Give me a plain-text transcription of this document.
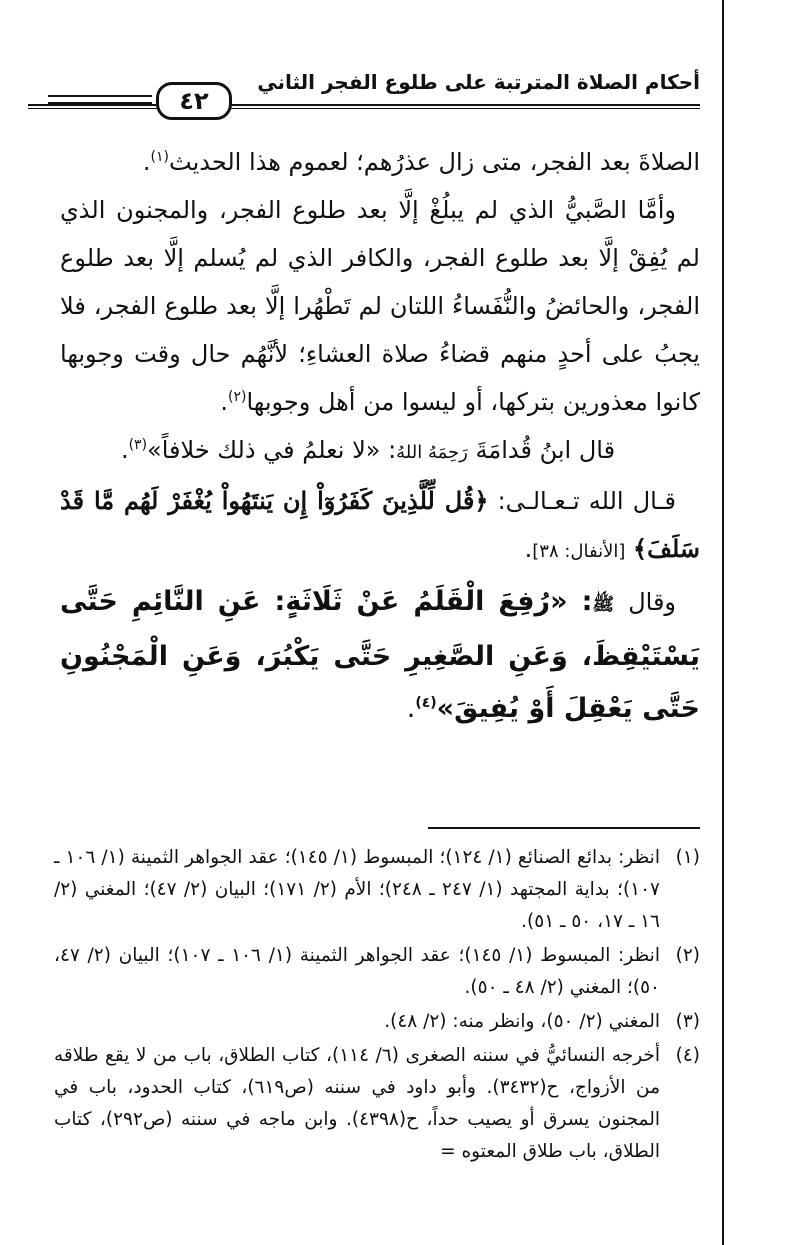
أحكام الصلاة المترتبة على طلوع الفجر الثاني
٤٢

الصلاةَ بعد الفجر، متى زال عذرُهم؛ لعموم هذا الحديث$^{(١)}$.

وأمَّا الصَّبيُّ الذي لم يبلُغْ إلَّا بعد طلوع الفجر، والمجنون الذي لم يُفِقْ إلَّا بعد طلوع الفجر، والكافر الذي لم يُسلم إلَّا بعد طلوع الفجر، والحائضُ والنُّفَساءُ اللتان لم تَطْهُرا إلَّا بعد طلوع الفجر، فلا يجبُ على أحدٍ منهم قضاءُ صلاة العشاءِ؛ لأنَّهُم حال وقت وجوبها كانوا معذورين بتركها، أو ليسوا من أهل وجوبها$^{(٢)}$.

قال ابنُ قُدامَةَ رَحِمَهُ اللهُ: «لا نعلمُ في ذلك خلافاً»$^{(٣)}$.

قـال الله تـعـالـى: ﴿قُل لِّلَّذِينَ كَفَرُوٓاْ إِن يَنتَهُواْ يُغْفَرْ لَهُم مَّا قَدْ سَلَفَ﴾ [الأنفال: ٣٨].

وقال ﷺ: «رُفِعَ الْقَلَمُ عَنْ ثَلَاثَةٍ: عَنِ النَّائِمِ حَتَّى يَسْتَيْقِظَ، وَعَنِ الصَّغِيرِ حَتَّى يَكْبُرَ، وَعَنِ الْمَجْنُونِ حَتَّى يَعْقِلَ أَوْ يُفِيقَ»$^{(٤)}$.

(١)
انظر: بدائع الصنائع (١/ ١٢٤)؛ المبسوط (١/ ١٤٥)؛ عقد الجواهر الثمينة (١/ ١٠٦ ـ ١٠٧)؛ بداية المجتهد (١/ ٢٤٧ ـ ٢٤٨)؛ الأم (٢/ ١٧١)؛ البيان (٢/ ٤٧)؛ المغني (٢/ ١٦ ـ ١٧، ٥٠ ـ ٥١).
(٢)
انظر: المبسوط (١/ ١٤٥)؛ عقد الجواهر الثمينة (١/ ١٠٦ ـ ١٠٧)؛ البيان (٢/ ٤٧، ٥٠)؛ المغني (٢/ ٤٨ ـ ٥٠).
(٣)
المغني (٢/ ٥٠)، وانظر منه: (٢/ ٤٨).
(٤)
أخرجه النسائيُّ في سننه الصغرى (٦/ ١١٤)، كتاب الطلاق، باب من لا يقع طلاقه من الأزواج، ح(٣٤٣٢). وأبو داود في سننه (ص٦١٩)، كتاب الحدود، باب في المجنون يسرق أو يصيب حداً، ح(٤٣٩٨). وابن ماجه في سننه (ص٢٩٢)، كتاب الطلاق، باب طلاق المعتوه =
